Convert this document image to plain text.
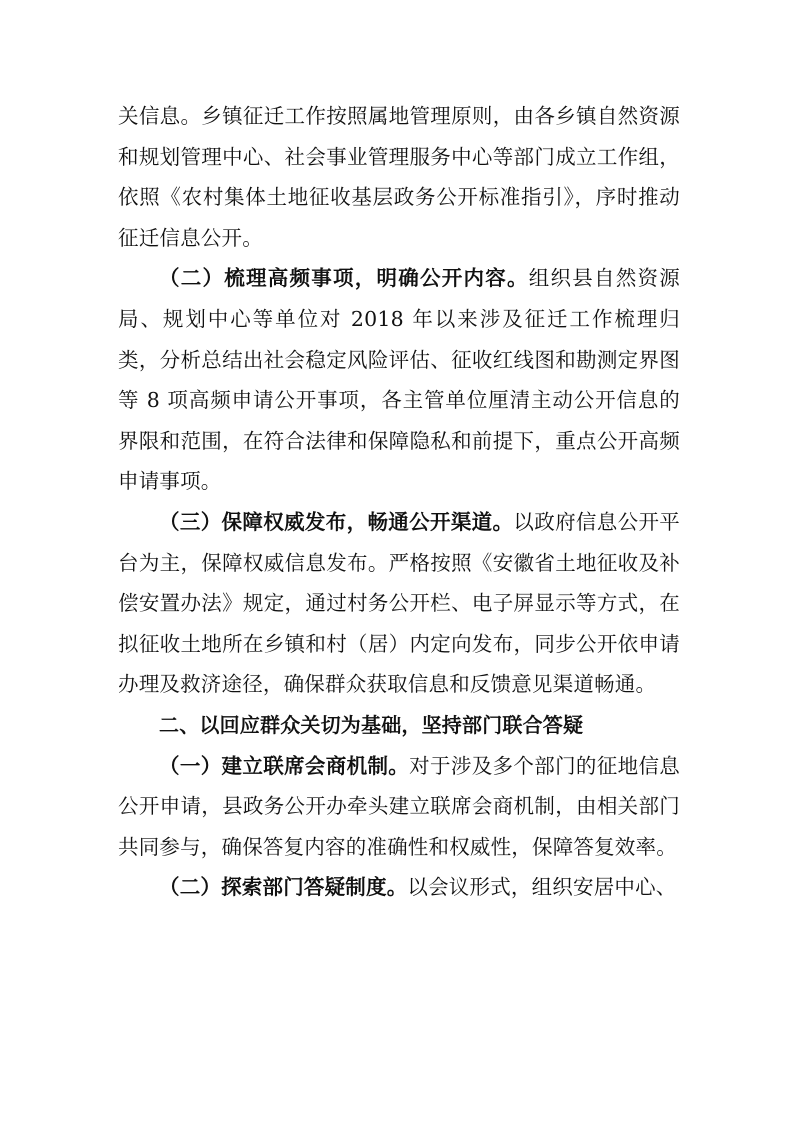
关信息。乡镇征迁工作按照属地管理原则，由各乡镇自然资源和规划管理中心、社会事业管理服务中心等部门成立工作组，依照《农村集体土地征收基层政务公开标准指引》，序时推动征迁信息公开。

（二）梳理高频事项，明确公开内容。组织县自然资源局、规划中心等单位对 2018 年以来涉及征迁工作梳理归类，分析总结出社会稳定风险评估、征收红线图和勘测定界图等 8 项高频申请公开事项，各主管单位厘清主动公开信息的界限和范围，在符合法律和保障隐私和前提下，重点公开高频申请事项。

（三）保障权威发布，畅通公开渠道。以政府信息公开平台为主，保障权威信息发布。严格按照《安徽省土地征收及补偿安置办法》规定，通过村务公开栏、电子屏显示等方式，在拟征收土地所在乡镇和村（居）内定向发布，同步公开依申请办理及救济途径，确保群众获取信息和反馈意见渠道畅通。

二、以回应群众关切为基础，坚持部门联合答疑

（一）建立联席会商机制。对于涉及多个部门的征地信息公开申请，县政务公开办牵头建立联席会商机制，由相关部门共同参与，确保答复内容的准确性和权威性，保障答复效率。

（二）探索部门答疑制度。以会议形式，组织安居中心、
